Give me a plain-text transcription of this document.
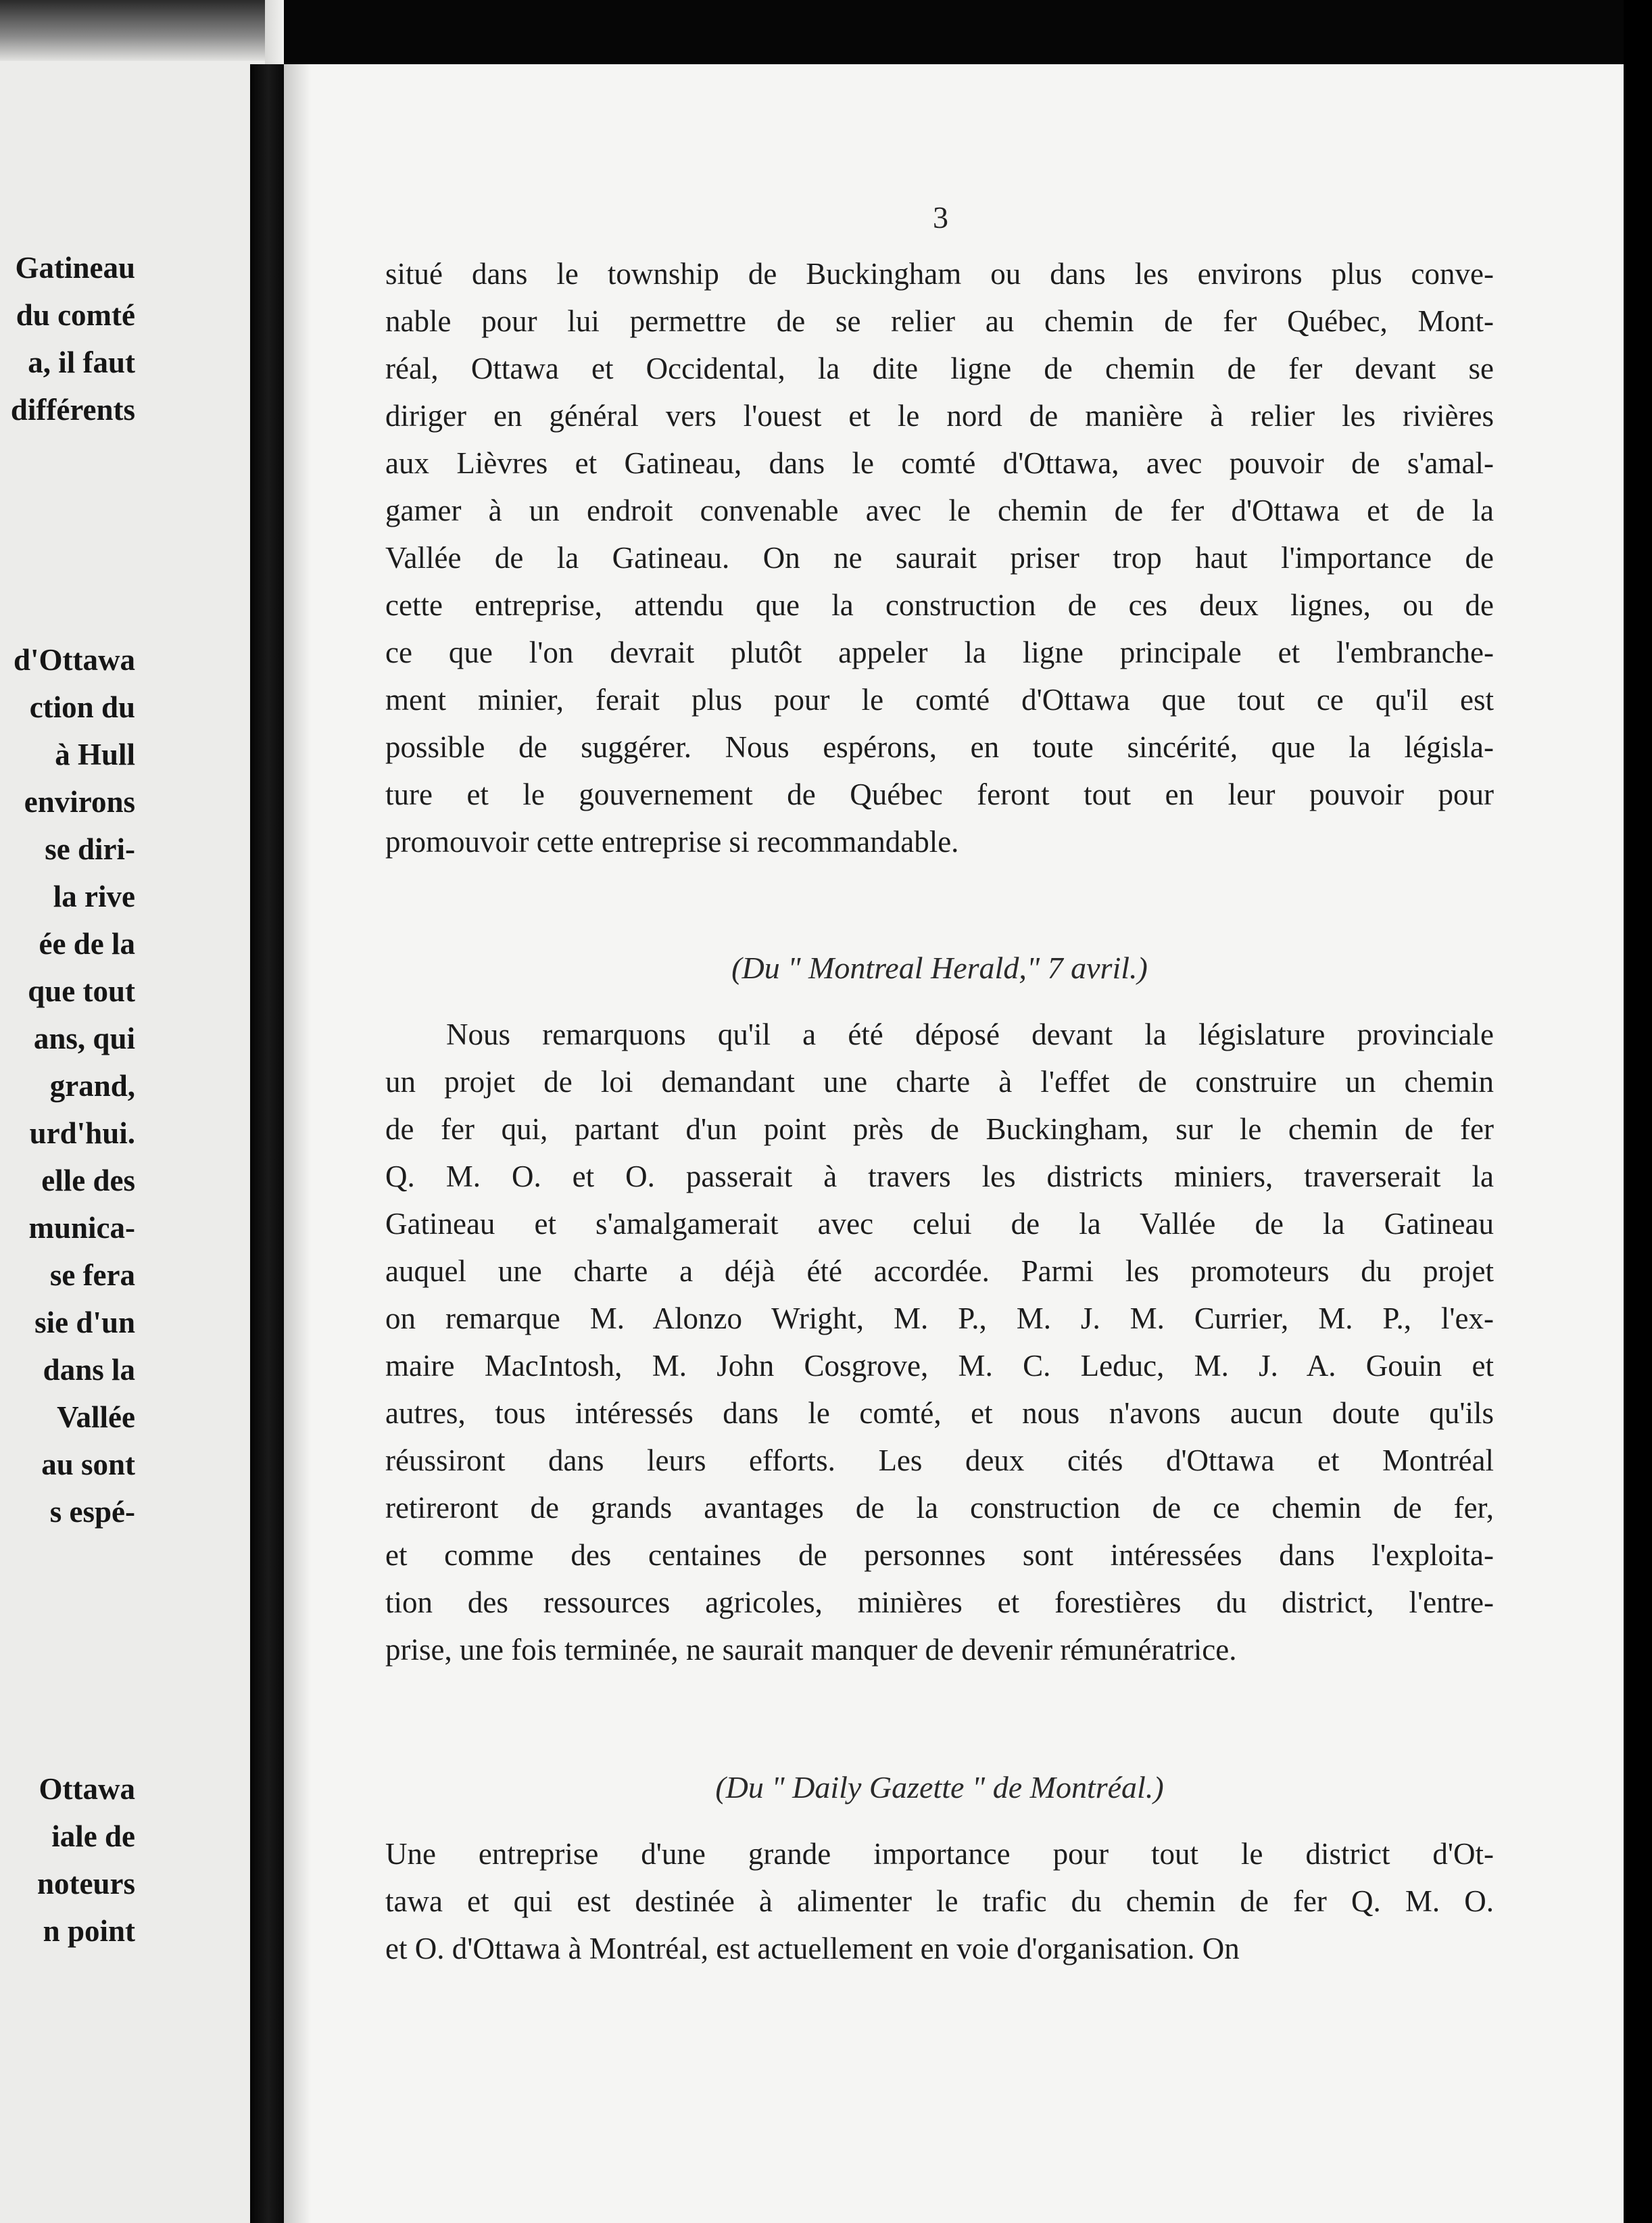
Gatineau
du comté
a, il faut
différents
d'Ottawa
ction du
à Hull
environs
se diri-
la rive
ée de la
que tout
ans, qui
grand,
urd'hui.
elle des
munica-
se fera
sie d'un
dans la
Vallée
au sont
s espé-
Ottawa
iale de
noteurs
n point
3
situé dans le township de Buckingham ou dans les environs plus conve-
nable pour lui permettre de se relier au chemin de fer Québec, Mont-
réal, Ottawa et Occidental, la dite ligne de chemin de fer devant se
diriger en général vers l'ouest et le nord de manière à relier les rivières
aux Lièvres et Gatineau, dans le comté d'Ottawa, avec pouvoir de s'amal-
gamer à un endroit convenable avec le chemin de fer d'Ottawa et de la
Vallée de la Gatineau. On ne saurait priser trop haut l'importance de
cette entreprise, attendu que la construction de ces deux lignes, ou de
ce que l'on devrait plutôt appeler la ligne principale et l'embranche-
ment minier, ferait plus pour le comté d'Ottawa que tout ce qu'il est
possible de suggérer. Nous espérons, en toute sincérité, que la législa-
ture et le gouvernement de Québec feront tout en leur pouvoir pour
promouvoir cette entreprise si recommandable.
(Du " Montreal Herald," 7 avril.)
Nous remarquons qu'il a été déposé devant la législature provinciale
un projet de loi demandant une charte à l'effet de construire un chemin
de fer qui, partant d'un point près de Buckingham, sur le chemin de fer
Q. M. O. et O. passerait à travers les districts miniers, traverserait la
Gatineau et s'amalgamerait avec celui de la Vallée de la Gatineau
auquel une charte a déjà été accordée. Parmi les promoteurs du projet
on remarque M. Alonzo Wright, M. P., M. J. M. Currier, M. P., l'ex-
maire MacIntosh, M. John Cosgrove, M. C. Leduc, M. J. A. Gouin et
autres, tous intéressés dans le comté, et nous n'avons aucun doute qu'ils
réussiront dans leurs efforts. Les deux cités d'Ottawa et Montréal
retireront de grands avantages de la construction de ce chemin de fer,
et comme des centaines de personnes sont intéressées dans l'exploita-
tion des ressources agricoles, minières et forestières du district, l'entre-
prise, une fois terminée, ne saurait manquer de devenir rémunératrice.
(Du " Daily Gazette " de Montréal.)
Une entreprise d'une grande importance pour tout le district d'Ot-
tawa et qui est destinée à alimenter le trafic du chemin de fer Q. M. O.
et O. d'Ottawa à Montréal, est actuellement en voie d'organisation. On
